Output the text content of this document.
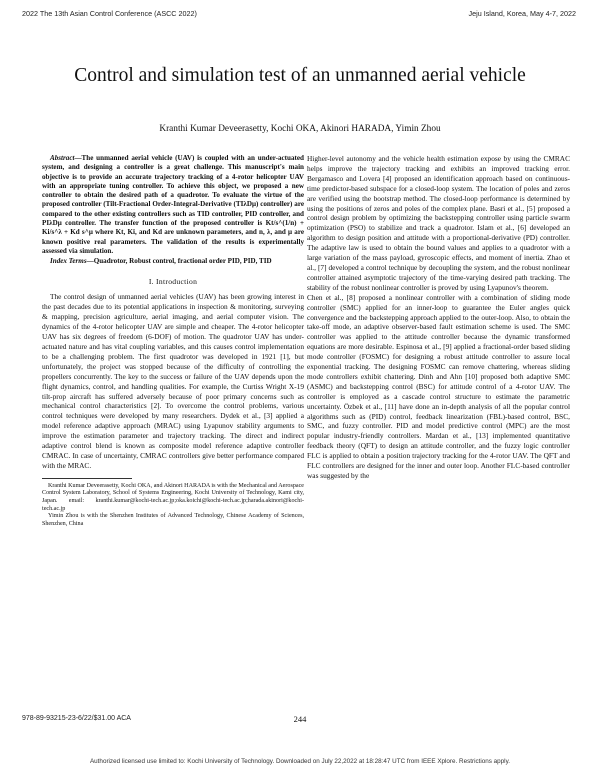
2022 The 13th Asian Control Conference (ASCC 2022)	Jeju Island, Korea, May 4-7, 2022
Control and simulation test of an unmanned aerial vehicle
Kranthi Kumar Deveerasetty, Kochi OKA, Akinori HARADA, Yimin Zhou

Abstract—The unmanned aerial vehicle (UAV) is coupled with an under-actuated system, and designing a controller is a great challenge. This manuscript's main objective is to provide an accurate trajectory tracking of a 4-rotor helicopter UAV with an appropriate tuning controller. To achieve this object, we proposed a new controller to obtain the desired path of a quadrotor. To evaluate the virtue of the proposed controller (Tilt-Fractional Order-Integral-Derivative (TIλDμ) controller) are compared to the other existing controllers such as TID controller, PID controller, and PIλDμ controller. The transfer function of the proposed controller is Kt/s^(1/n) + Ki/s^λ + Kd s^μ where Kt, Ki, and Kd are unknown parameters, and n, λ, and μ are known positive real parameters. The validation of the results is experimentally assessed via simulation.

Index Terms—Quadrotor, Robust control, fractional order PID, PID, TID

I. Introduction

The control design of unmanned aerial vehicles (UAV) has been growing interest in the past decades due to its potential applications in inspection & monitoring, surveying & mapping, precision agriculture, aerial imaging, and aerial computer vision. The dynamics of the 4-rotor helicopter UAV are simple and cheaper. The 4-rotor helicopter UAV has six degrees of freedom (6-DOF) of motion. The quadrotor UAV has under-actuated nature and has vital coupling variables, and this causes control implementation to be a challenging problem. The first quadrotor was developed in 1921 [1], but unfortunately, the project was stopped because of the difficulty of controlling the propellers concurrently. The key to the success or failure of the UAV depends upon the flight dynamics, control, and handling qualities. For example, the Curtiss Wright X-19 tilt-prop aircraft has suffered adversely because of poor primary concerns such as mechanical control characteristics [2]. To overcome the control problems, various control techniques were developed by many researchers. Dydek et al., [3] applied a model reference adaptive approach (MRAC) using Lyapunov stability arguments to improve the estimation parameter and trajectory tracking. The direct and indirect adaptive control blend is known as composite model reference adaptive controller CMRAC. In case of uncertainty, CMRAC controllers give better performance compared with the MRAC.

Kranthi Kumar Deveerasetty, Kochi OKA, and Akinori HARADA is with the Mechanical and Aerospace Control System Laboratory, School of Systems Engineering, Kochi University of Technology, Kami city, Japan. email: kranthi.kumar@kochi-tech.ac.jp;oka.koichi@kochi-tech.ac.jp;harada.akinori@kochi-tech.ac.jp

Yimin Zhou is with the Shenzhen Institutes of Advanced Technology, Chinese Academy of Sciences, Shenzhen, China

Higher-level autonomy and the vehicle health estimation expose by using the CMRAC helps improve the trajectory tracking and exhibits an improved tracking error. Bergamasco and Lovera [4] proposed an identification approach based on continuous-time predictor-based subspace for a closed-loop system. The location of poles and zeros are verified using the bootstrap method. The closed-loop performance is determined by using the positions of zeros and poles of the complex plane. Basri et al., [5] proposed a control design problem by optimizing the backstepping controller using particle swarm optimization (PSO) to stabilize and track a quadrotor. Islam et al., [6] developed an algorithm to design position and attitude with a proportional-derivative (PD) controller. The adaptive law is used to obtain the bound values and applies to a quadrotor with a large variation of the mass payload, gyroscopic effects, and moment of inertia. Zhao et al., [7] developed a control technique by decoupling the system, and the robust nonlinear controller attained asymptotic trajectory of the time-varying desired path tracking. The stability of the robust nonlinear controller is proved by using Lyapunov's theorem.

Chen et al., [8] proposed a nonlinear controller with a combination of sliding mode controller (SMC) applied for an inner-loop to guarantee the Euler angles quick convergence and the backstepping approach applied to the outer-loop. Also, to obtain the take-off mode, an adaptive observer-based fault estimation scheme is used. The SMC controller was applied to the attitude controller because the dynamic transformed equations are more desirable. Espinosa et al., [9] applied a fractional-order based sliding mode controller (FOSMC) for designing a robust attitude controller to assure local exponential tracking. The designing FOSMC can remove chattering, whereas sliding mode controllers exhibit chattering. Dinh and Ahn [10] proposed both adaptive SMC (ASMC) and backstepping control (BSC) for attitude control of a 4-rotor UAV. The controller is employed as a cascade control structure to estimate the parametric uncertainty. Özbek et al., [11] have done an in-depth analysis of all the popular control algorithms such as (PID) control, feedback linearization (FBL)-based control, BSC, SMC, and fuzzy controller. PID and model predictive control (MPC) are the most popular industry-friendly controllers. Mardan et al., [13] implemented quantitative feedback theory (QFT) to design an attitude controller, and the fuzzy logic controller FLC is applied to obtain a position trajectory tracking for the 4-rotor UAV. The QFT and FLC controllers are designed for the inner and outer loop. Another FLC-based controller was suggested by the

978-89-93215-23-6/22/$31.00 ACA	244
Authorized licensed use limited to: Kochi University of Technology. Downloaded on July 22,2022 at 18:28:47 UTC from IEEE Xplore. Restrictions apply.
